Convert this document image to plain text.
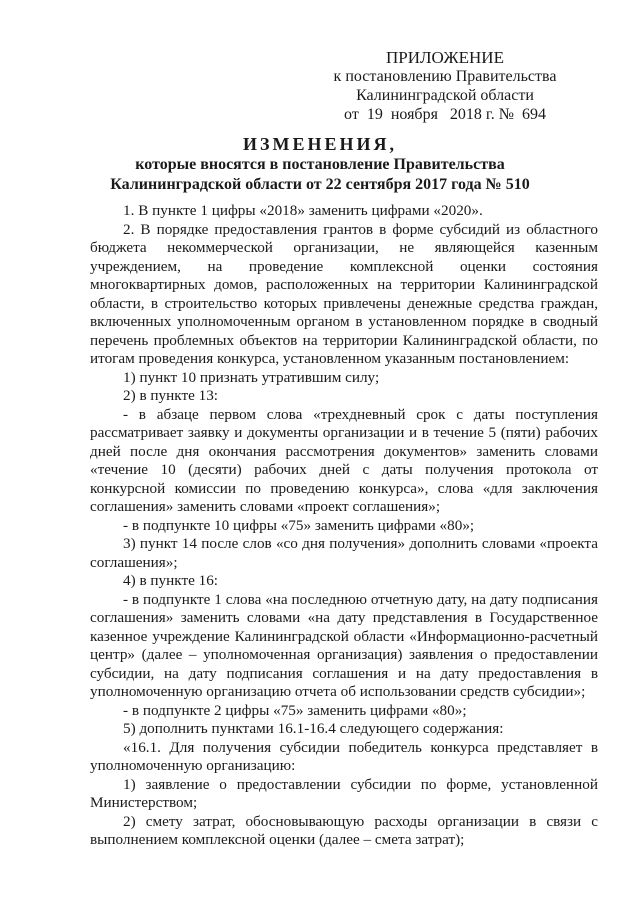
ПРИЛОЖЕНИЕ
к постановлению Правительства
Калининградской области
от  19  ноября   2018 г. №  694
ИЗМЕНЕНИЯ,
которые вносятся в постановление Правительства
Калининградской области от 22 сентября 2017 года № 510

1. В пункте 1 цифры «2018» заменить цифрами «2020».

2. В порядке предоставления грантов в форме субсидий из областного бюджета некоммерческой организации, не являющейся казенным учреждением, на проведение комплексной оценки состояния многоквартирных домов, расположенных на территории Калининградской области, в строительство которых привлечены денежные средства граждан, включенных уполномоченным органом в установленном порядке в сводный перечень проблемных объектов на территории Калининградской области, по итогам проведения конкурса, установленном указанным постановлением:

1) пункт 10 признать утратившим силу;

2) в пункте 13:

- в абзаце первом слова «трехдневный срок с даты поступления рассматривает заявку и документы организации и в течение 5 (пяти) рабочих дней после дня окончания рассмотрения документов» заменить словами «течение 10 (десяти) рабочих дней с даты получения протокола от конкурсной комиссии по проведению конкурса», слова «для заключения соглашения» заменить словами «проект соглашения»;

- в подпункте 10 цифры «75» заменить цифрами «80»;

3) пункт 14 после слов «со дня получения» дополнить словами «проекта соглашения»;

4) в пункте 16:

- в подпункте 1 слова «на последнюю отчетную дату, на дату подписания соглашения» заменить словами «на дату представления в Государственное казенное учреждение Калининградской области «Информационно-расчетный центр» (далее – уполномоченная организация) заявления о предоставлении субсидии, на дату подписания соглашения и на дату предоставления в уполномоченную организацию отчета об использовании средств субсидии»;

- в подпункте 2 цифры «75» заменить цифрами «80»;

5) дополнить пунктами 16.1-16.4 следующего содержания:

«16.1. Для получения субсидии победитель конкурса представляет в уполномоченную организацию:

1) заявление о предоставлении субсидии по форме, установленной Министерством;

2) смету затрат, обосновывающую расходы организации в связи с выполнением комплексной оценки (далее – смета затрат);
